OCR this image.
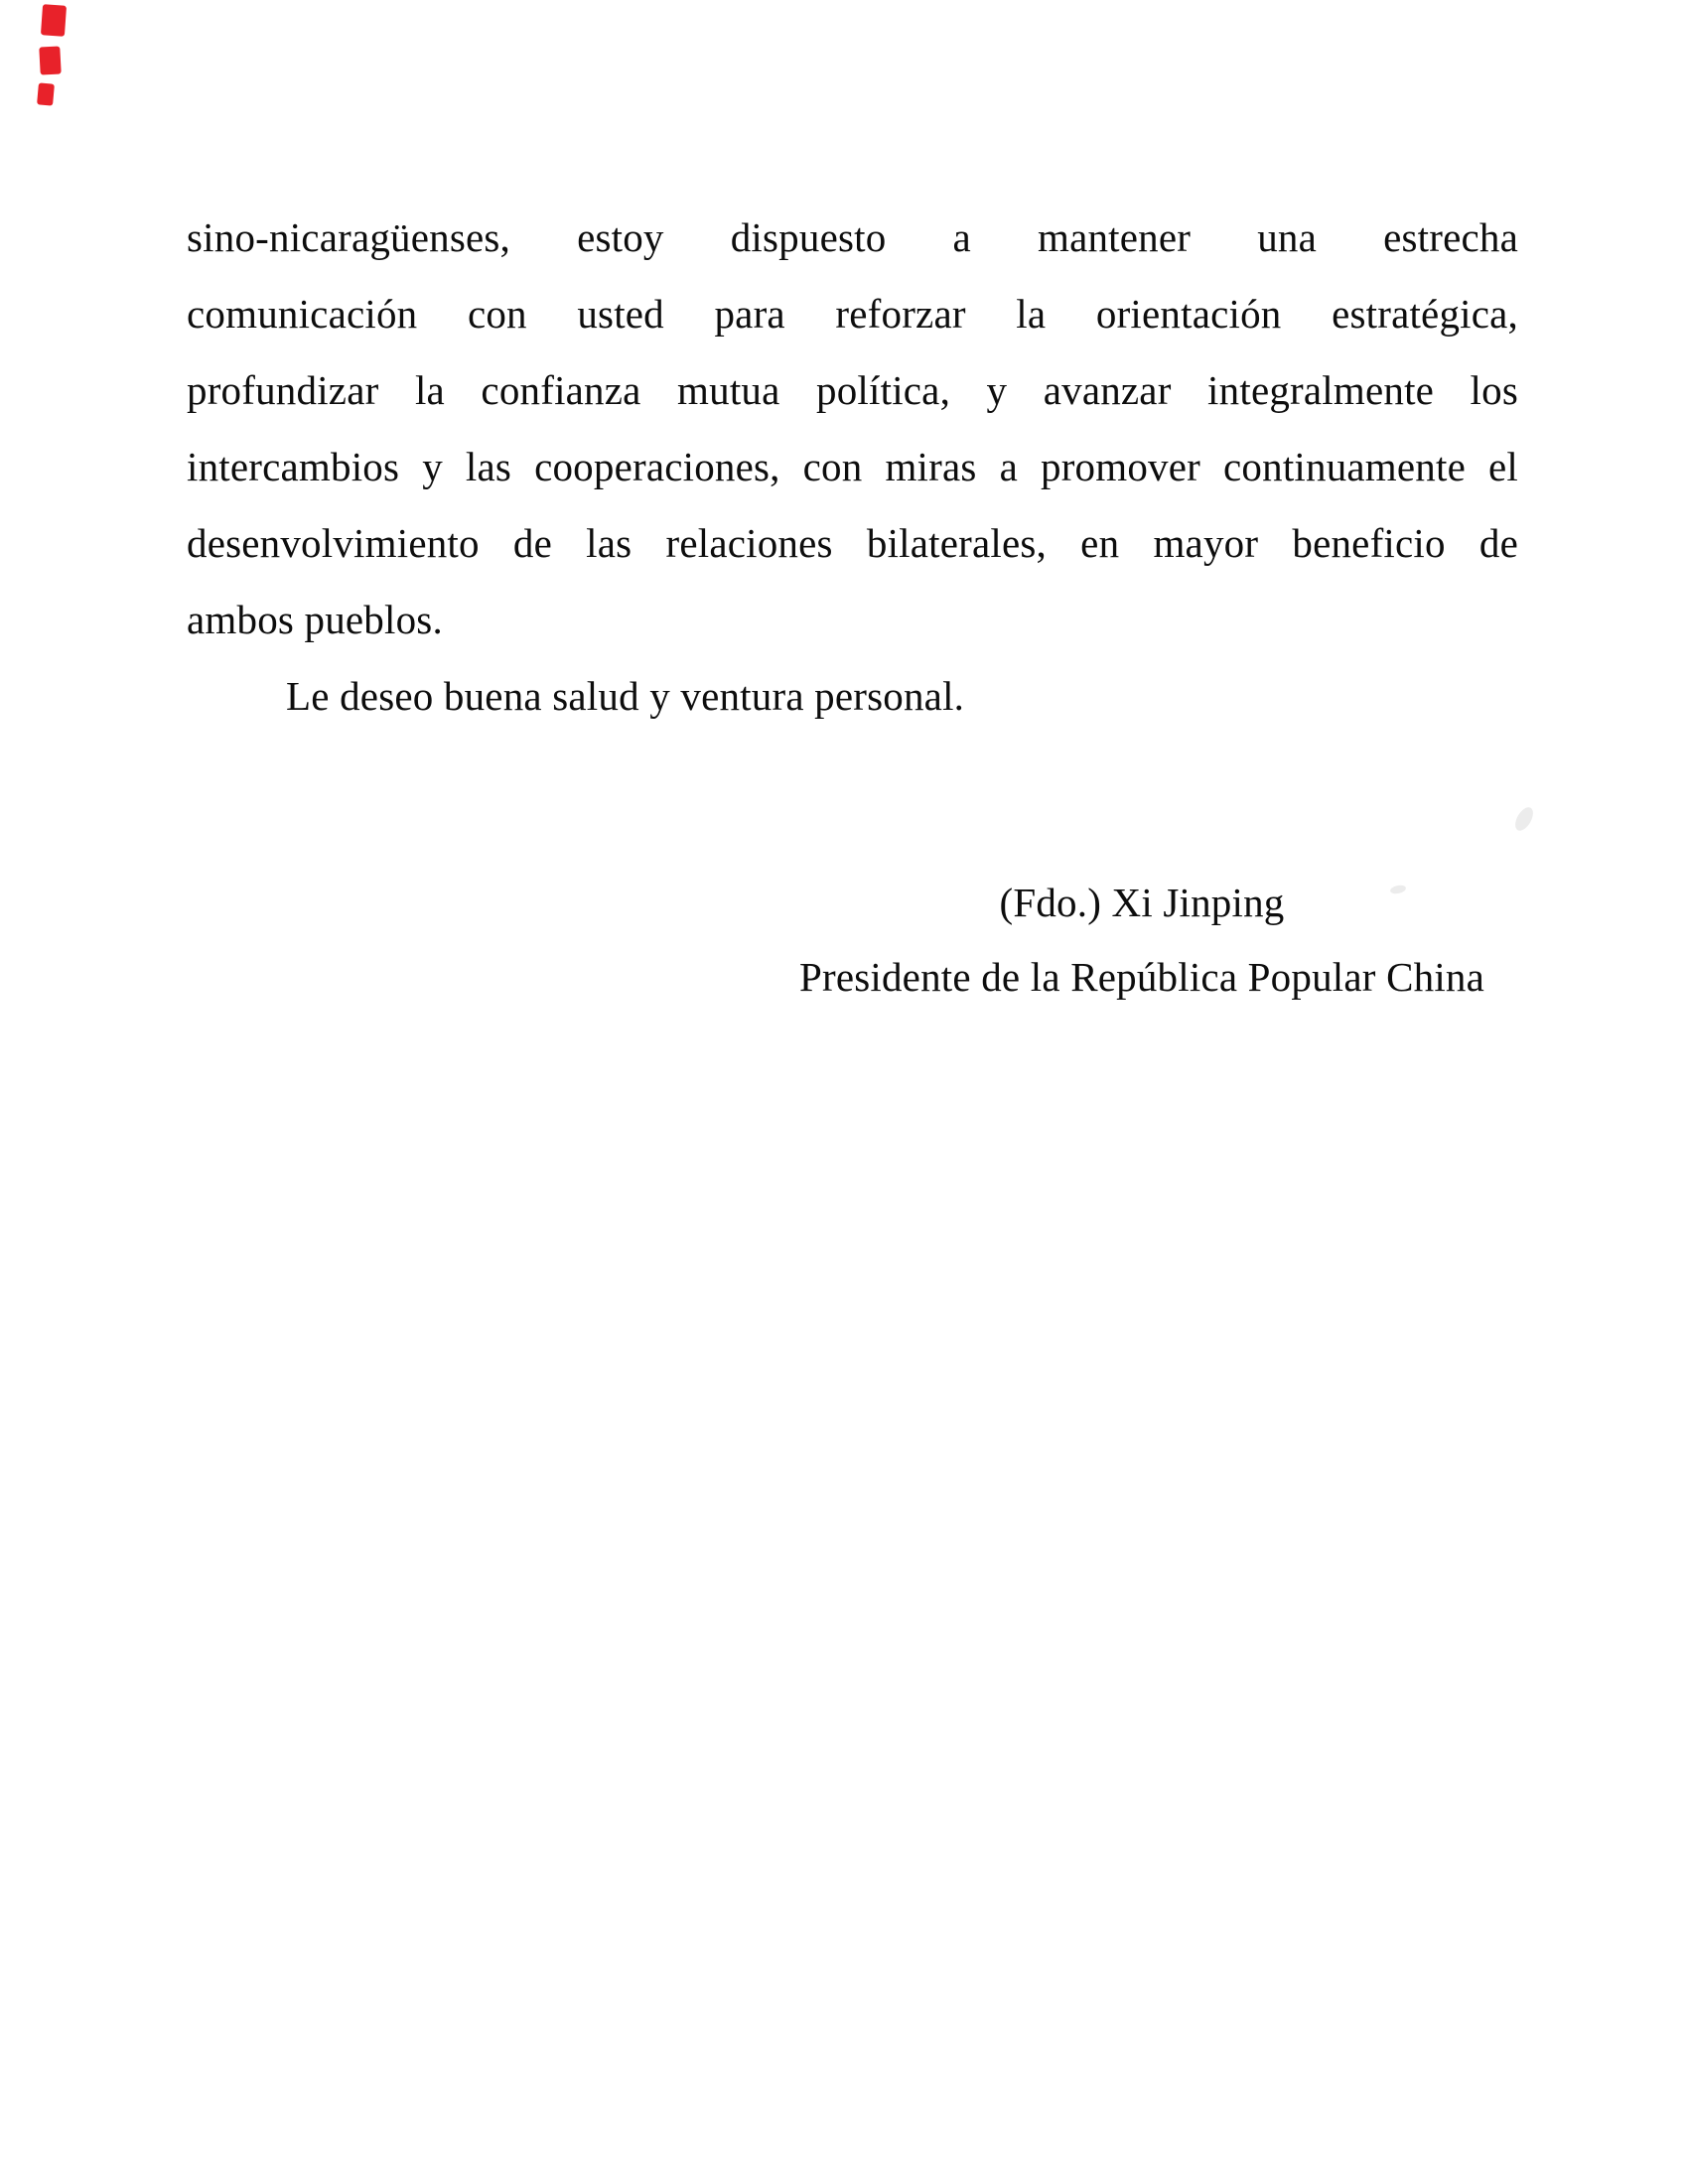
sino-nicaragüenses, estoy dispuesto a mantener una estrecha
comunicación con usted para reforzar la orientación estratégica,
profundizar la confianza mutua política, y avanzar integralmente los
intercambios y las cooperaciones, con miras a promover continuamente el
desenvolvimiento de las relaciones bilaterales, en mayor beneficio de
ambos pueblos.
Le deseo buena salud y ventura personal.
(Fdo.) Xi Jinping
Presidente de la República Popular China
